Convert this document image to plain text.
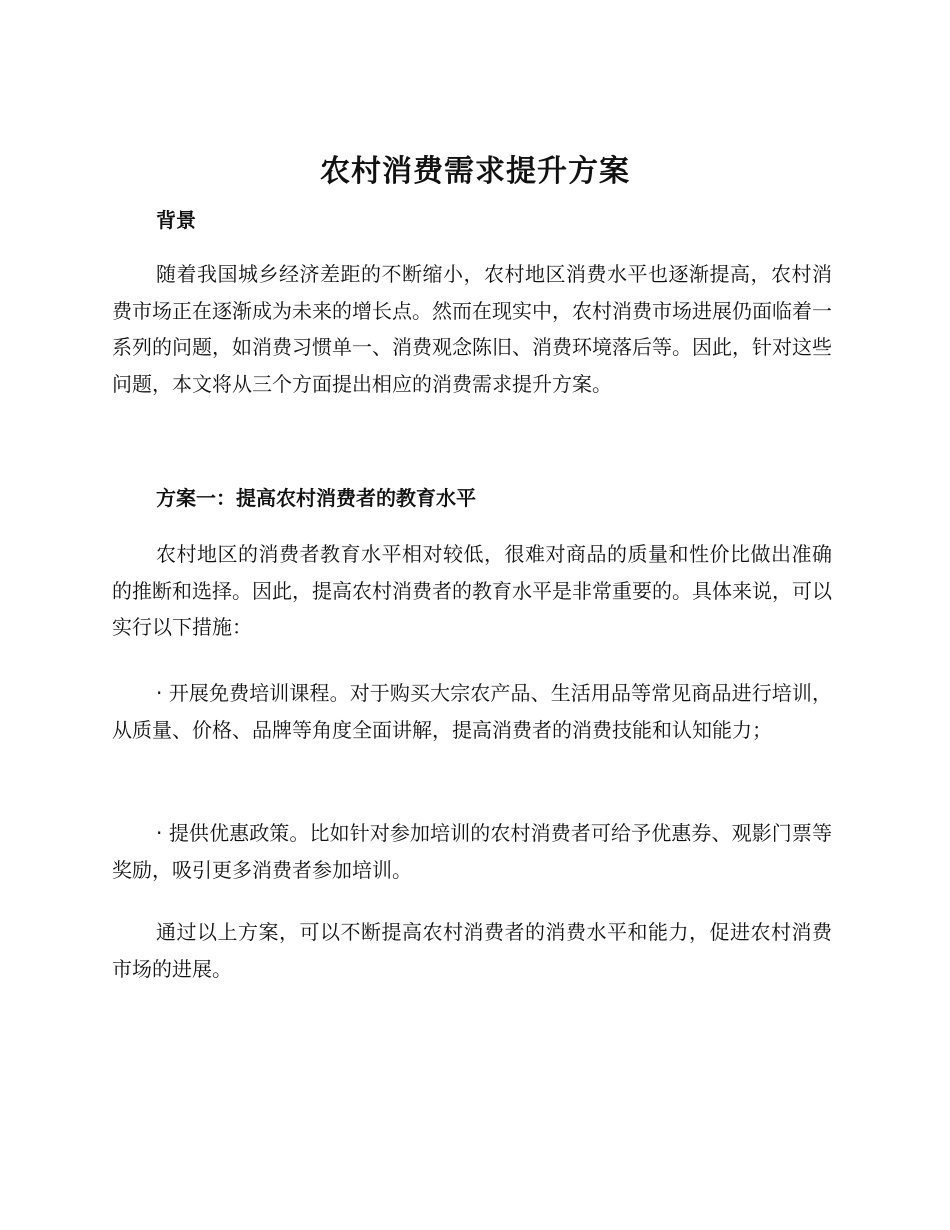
农村消费需求提升方案
背景

随着我国城乡经济差距的不断缩小，农村地区消费水平也逐渐提高，农村消费市场正在逐渐成为未来的增长点。然而在现实中，农村消费市场进展仍面临着一系列的问题，如消费习惯单一、消费观念陈旧、消费环境落后等。因此，针对这些问题，本文将从三个方面提出相应的消费需求提升方案。

方案一：提高农村消费者的教育水平

农村地区的消费者教育水平相对较低，很难对商品的质量和性价比做出准确的推断和选择。因此，提高农村消费者的教育水平是非常重要的。具体来说，可以实行以下措施：

· 开展免费培训课程。对于购买大宗农产品、生活用品等常见商品进行培训，从质量、价格、品牌等角度全面讲解，提高消费者的消费技能和认知能力；

· 提供优惠政策。比如针对参加培训的农村消费者可给予优惠券、观影门票等奖励，吸引更多消费者参加培训。

通过以上方案，可以不断提高农村消费者的消费水平和能力，促进农村消费市场的进展。
